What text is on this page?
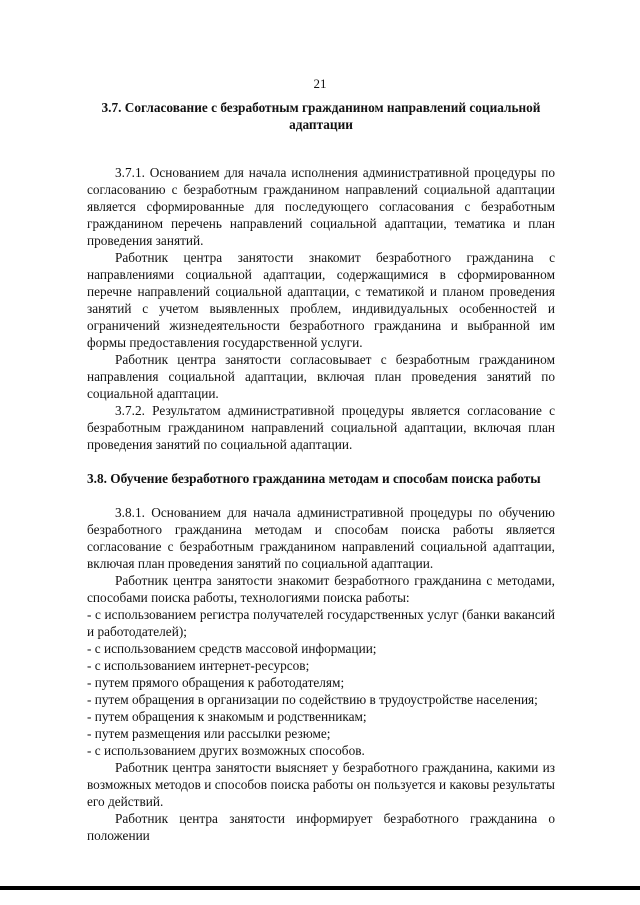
21
3.7. Согласование с безработным гражданином направлений социальной
адаптации

3.7.1. Основанием для начала исполнения административной процедуры по согласованию с безработным гражданином направлений социальной адаптации является сформированные для последующего согласования с безработным гражданином перечень направлений социальной адаптации, тематика и план проведения занятий.

Работник центра занятости знакомит безработного гражданина с направлениями социальной адаптации, содержащимися в сформированном перечне направлений социальной адаптации, с тематикой и планом проведения занятий с учетом выявленных проблем, индивидуальных особенностей и ограничений жизнедеятельности безработного гражданина и выбранной им формы предоставления государственной услуги.

Работник центра занятости согласовывает с безработным гражданином направления социальной адаптации, включая план проведения занятий по социальной адаптации.

3.7.2. Результатом административной процедуры является согласование с безработным гражданином направлений социальной адаптации, включая план проведения занятий по социальной адаптации.

3.8. Обучение безработного гражданина методам и способам поиска работы

3.8.1. Основанием для начала административной процедуры по обучению безработного гражданина методам и способам поиска работы является согласование с безработным гражданином направлений социальной адаптации, включая план проведения занятий по социальной адаптации.

Работник центра занятости знакомит безработного гражданина с методами, способами поиска работы, технологиями поиска работы:

- с использованием регистра получателей государственных услуг (банки вакансий и работодателей);

- с использованием средств массовой информации;

- с использованием интернет-ресурсов;

- путем прямого обращения к работодателям;

- путем обращения в организации по содействию в трудоустройстве населения;

- путем обращения к знакомым и родственникам;

- путем размещения или рассылки резюме;

- с использованием других возможных способов.

Работник центра занятости выясняет у безработного гражданина, какими из возможных методов и способов поиска работы он пользуется и каковы результаты его действий.

Работник центра занятости информирует безработного гражданина о положении
